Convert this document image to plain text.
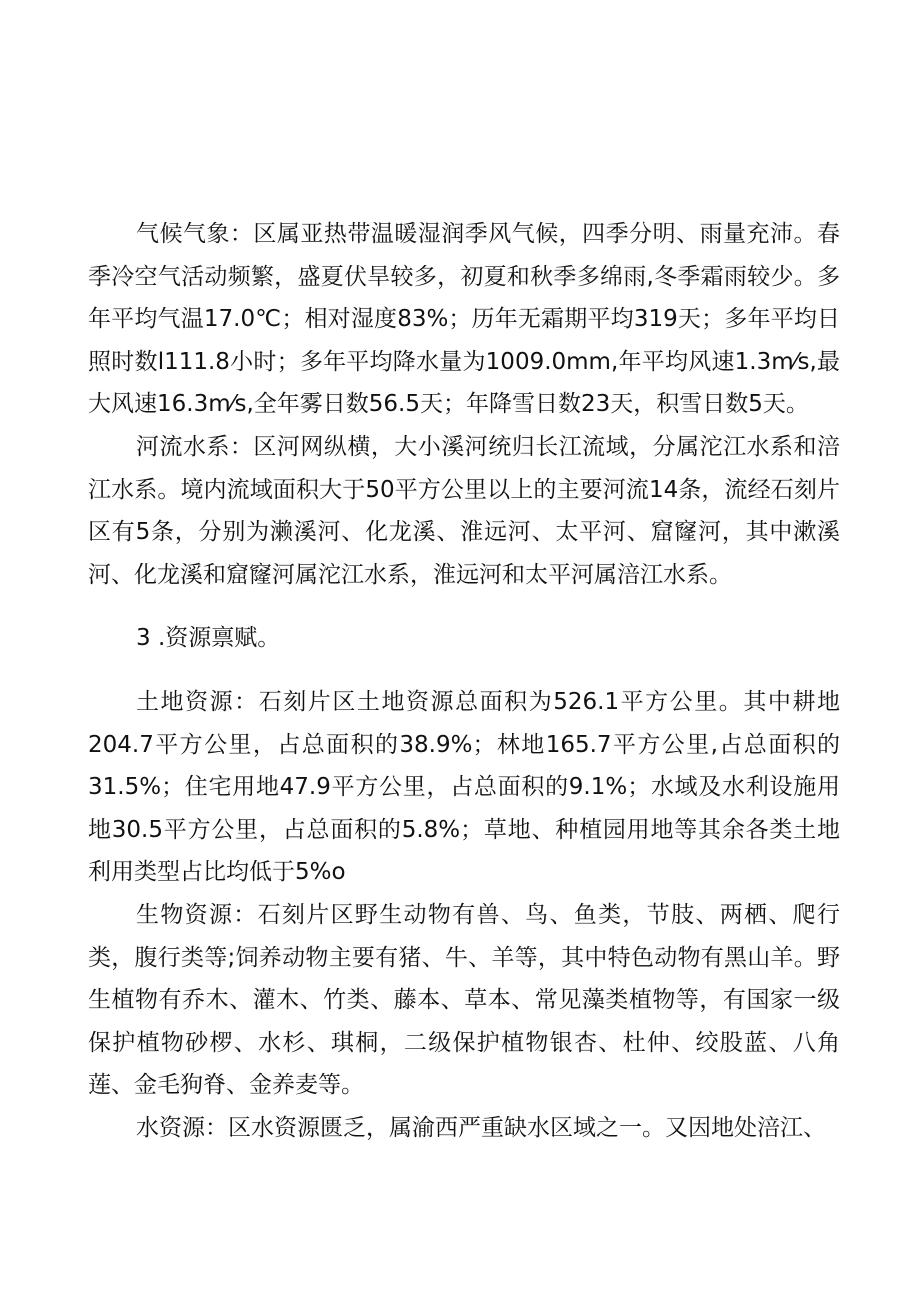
气候气象：区属亚热带温暖湿润季风气候，四季分明、雨量充沛。春季冷空气活动频繁，盛夏伏旱较多，初夏和秋季多绵雨,冬季霜雨较少。多年平均气温17.0℃；相对湿度83%；历年无霜期平均319天；多年平均日照时数l111.8小时；多年平均降水量为1009.0mm,年平均风速1.3m⁄s,最大风速16.3m⁄s,全年雾日数56.5天；年降雪日数23天，积雪日数5天。

河流水系：区河网纵横，大小溪河统归长江流域，分属沱江水系和涪江水系。境内流域面积大于50平方公里以上的主要河流14条，流经石刻片区有5条，分别为濑溪河、化龙溪、淮远河、太平河、窟窿河，其中漱溪河、化龙溪和窟窿河属沱江水系，淮远河和太平河属涪江水系。

3 .资源禀赋。

土地资源：石刻片区土地资源总面积为526.1平方公里。其中耕地204.7平方公里，占总面积的38.9%；林地165.7平方公里,占总面积的31.5%；住宅用地47.9平方公里，占总面积的9.1%；水域及水利设施用地30.5平方公里，占总面积的5.8%；草地、种植园用地等其余各类土地利用类型占比均低于5%o

生物资源：石刻片区野生动物有兽、鸟、鱼类，节肢、两栖、爬行类，腹行类等;饲养动物主要有猪、牛、羊等，其中特色动物有黑山羊。野生植物有乔木、灌木、竹类、藤本、草本、常见藻类植物等，有国家一级保护植物砂椤、水杉、琪桐，二级保护植物银杏、杜仲、绞股蓝、八角莲、金毛狗脊、金养麦等。

水资源：区水资源匮乏，属渝西严重缺水区域之一。又因地处涪江、
